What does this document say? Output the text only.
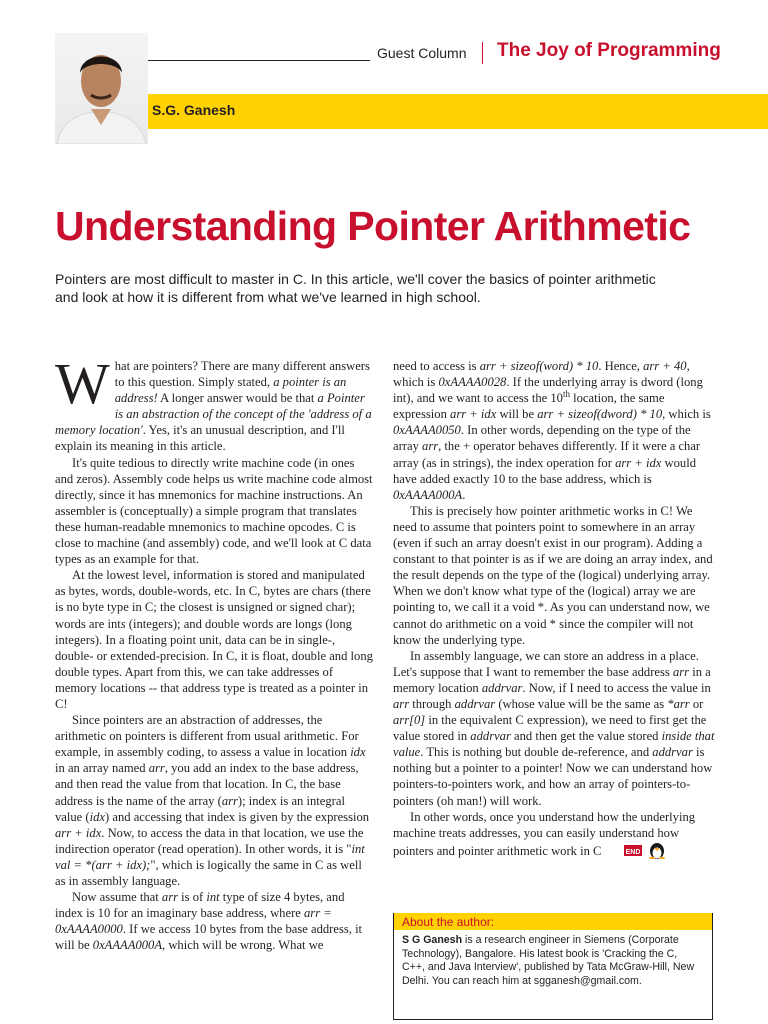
Guest Column The Joy of Programming
S.G. Ganesh
Understanding Pointer Arithmetic
Pointers are most difficult to master in C. In this article, we'll cover the basics of pointer arithmetic and look at how it is different from what we've learned in high school.

What are pointers? There are many different answers to this question. Simply stated, a pointer is an address! A longer answer would be that a Pointer is an abstraction of the concept of the 'address of a memory location'. Yes, it's an unusual description, and I'll explain its meaning in this article.

It's quite tedious to directly write machine code (in ones and zeros). Assembly code helps us write machine code almost directly, since it has mnemonics for machine instructions. An assembler is (conceptually) a simple program that translates these human-readable mnemonics to machine opcodes. C is close to machine (and assembly) code, and we'll look at C data types as an example for that.

At the lowest level, information is stored and manipulated as bytes, words, double-words, etc. In C, bytes are chars (there is no byte type in C; the closest is unsigned or signed char); words are ints (integers); and double words are longs (long integers). In a floating point unit, data can be in single-, double- or extended-precision. In C, it is float, double and long double types. Apart from this, we can take addresses of memory locations -- that address type is treated as a pointer in C!

Since pointers are an abstraction of addresses, the arithmetic on pointers is different from usual arithmetic. For example, in assembly coding, to assess a value in location idx in an array named arr, you add an index to the base address, and then read the value from that location. In C, the base address is the name of the array (arr); index is an integral value (idx) and accessing that index is given by the expression arr + idx. Now, to access the data in that location, we use the indirection operator (read operation). In other words, it is "int val = *(arr + idx);", which is logically the same in C as well as in assembly language.

Now assume that arr is of int type of size 4 bytes, and index is 10 for an imaginary base address, where arr = 0xAAAA0000. If we access 10 bytes from the base address, it will be 0xAAAA000A, which will be wrong. What we

need to access is arr + sizeof(word) * 10. Hence, arr + 40, which is 0xAAAA0028. If the underlying array is dword (long int), and we want to access the 10th location, the same expression arr + idx will be arr + sizeof(dword) * 10, which is 0xAAAA0050. In other words, depending on the type of the array arr, the + operator behaves differently. If it were a char array (as in strings), the index operation for arr + idx would have added exactly 10 to the base address, which is 0xAAAA000A.

This is precisely how pointer arithmetic works in C! We need to assume that pointers point to somewhere in an array (even if such an array doesn't exist in our program). Adding a constant to that pointer is as if we are doing an array index, and the result depends on the type of the (logical) underlying array. When we don't know what type of the (logical) array we are pointing to, we call it a void *. As you can understand now, we cannot do arithmetic on a void * since the compiler will not know the underlying type.

In assembly language, we can store an address in a place. Let's suppose that I want to remember the base address arr in a memory location addrvar. Now, if I need to access the value in arr through addrvar (whose value will be the same as *arr or arr[0] in the equivalent C expression), we need to first get the value stored in addrvar and then get the value stored inside that value. This is nothing but double de-reference, and addrvar is nothing but a pointer to a pointer! Now we can understand how pointers-to-pointers work, and how an array of pointers-to-pointers (oh man!) will work.

In other words, once you understand how the underlying machine treats addresses, you can easily understand how pointers and pointer arithmetic work in C	END

About the author:
S G Ganesh is a research engineer in Siemens (Corporate Technology), Bangalore. His latest book is 'Cracking the C, C++, and Java Interview', published by Tata McGraw-Hill, New Delhi. You can reach him at sgganesh@gmail.com.
